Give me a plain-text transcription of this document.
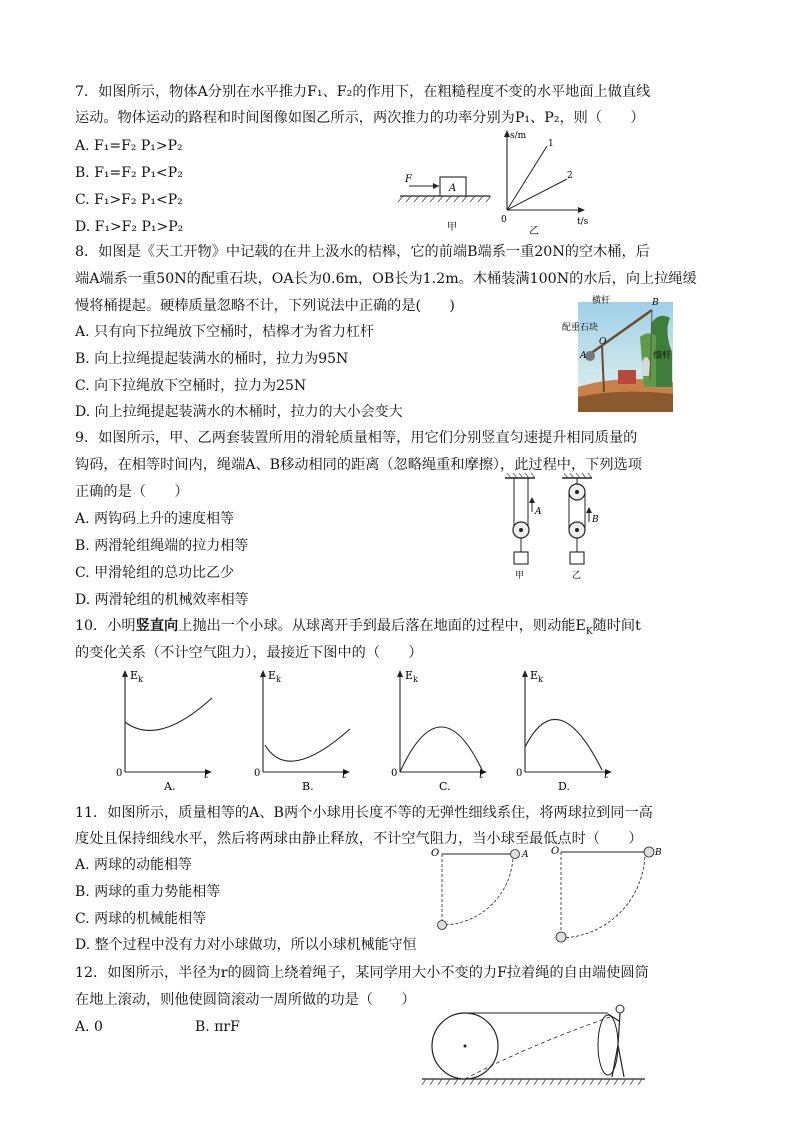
7．如图所示，物体A分别在水平推力F₁、F₂的作用下，在粗糙程度不变的水平地面上做直线
运动。物体运动的路程和时间图像如图乙所示，两次推力的功率分别为P₁、P₂，则（　　）
A. F₁=F₂ P₁>P₂
B. F₁=F₂ P₁<P₂
C. F₁>F₂ P₁<P₂
D. F₁>F₂ P₁>P₂
F
A
甲
s/m
t/s
0
1
2
乙
8．如图是《天工开物》中记载的在井上汲水的桔槔，它的前端B端系一重20N的空木桶，后
端A端系一重50N的配重石块，OA长为0.6m，OB长为1.2m。木桶装满100N的水后，向上拉绳缓
慢将桶提起。硬棒质量忽略不计，下列说法中正确的是(　　)
A. 只有向下拉绳放下空桶时，桔槔才为省力杠杆
B. 向上拉绳提起装满水的桶时，拉力为95N
C. 向下拉绳放下空桶时，拉力为25N
D. 向上拉绳提起装满水的木桶时，拉力的大小会变大
横杆	B
配重石块
O
A	细杆
9．如图所示，甲、乙两套装置所用的滑轮质量相等，用它们分别竖直匀速提升相同质量的
钩码，在相等时间内，绳端A、B移动相同的距离（忽略绳重和摩擦），此过程中，下列选项
正确的是（　　）
A. 两钩码上升的速度相等
B. 两滑轮组绳端的拉力相等
C. 甲滑轮组的总功比乙少
D. 两滑轮组的机械效率相等
A
甲
B
乙
10．小明竖直向上抛出一个小球。从球离开手到最后落在地面的过程中，则动能$E_K$随时间t
的变化关系（不计空气阻力），最接近下图中的（　　）
$E_k$
0	t
A.
$E_k$
0	t
B.
$E_k$
0	t
C.
$E_k$
0	t
D.
11．如图所示，质量相等的A、B两个小球用长度不等的无弹性细线系住，将两球拉到同一高
度处且保持细线水平，然后将两球由静止释放，不计空气阻力，当小球至最低点时（　　）
A. 两球的动能相等
B. 两球的重力势能相等
C. 两球的机械能相等
D. 整个过程中没有力对小球做功，所以小球机械能守恒
O	A O	B
12．如图所示，半径为r的圆筒上绕着绳子，某同学用大小不变的力F拉着绳的自由端使圆筒
在地上滚动，则他使圆筒滚动一周所做的功是（　　）
A. 0	B. πrF
